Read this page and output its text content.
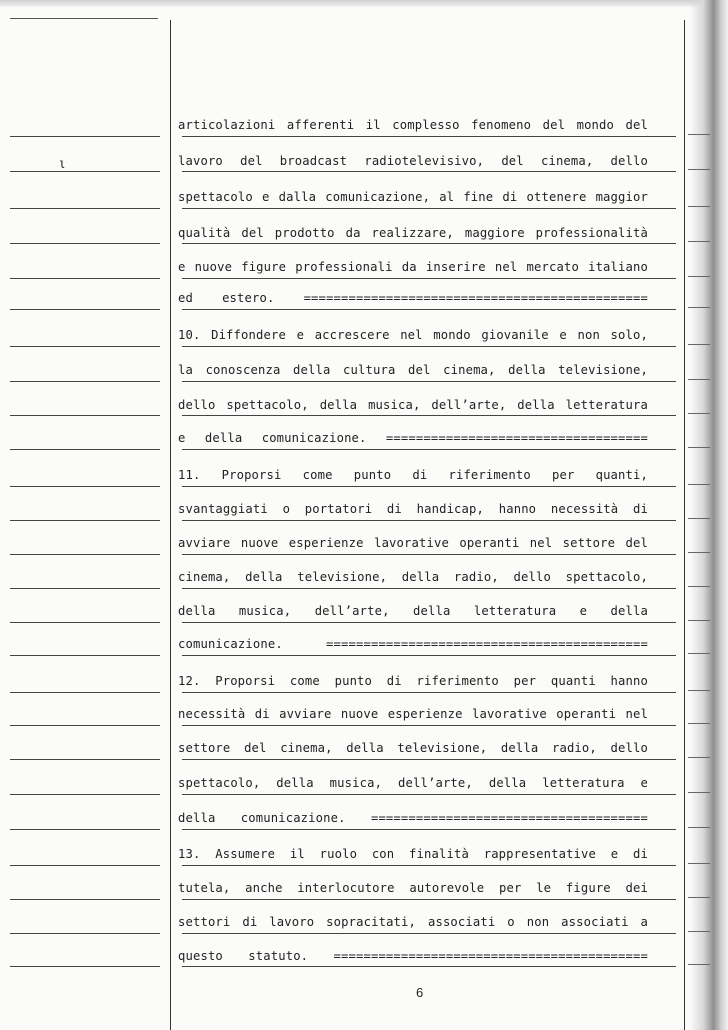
ι
articolazioni afferenti il complesso fenomeno del mondo del
lavoro del broadcast radiotelevisivo, del cinema, dello
spettacolo e dalla comunicazione, al fine di ottenere maggior
qualità del prodotto da realizzare, maggiore professionalità
e nuove figure professionali da inserire nel mercato italiano
ed estero. ==============================================
10. Diffondere e accrescere nel mondo giovanile e non solo,
la conoscenza della cultura del cinema, della televisione,
dello spettacolo, della musica, dell’arte, della letteratura
e della comunicazione. ===================================
11. Proporsi come punto di riferimento per quanti,
svantaggiati o portatori di handicap, hanno necessità di
avviare nuove esperienze lavorative operanti nel settore del
cinema, della televisione, della radio, dello spettacolo,
della musica, dell’arte, della letteratura e della
comunicazione. ===========================================
12. Proporsi come punto di riferimento per quanti hanno
necessità di avviare nuove esperienze lavorative operanti nel
settore del cinema, della televisione, della radio, dello
spettacolo, della musica, dell’arte, della letteratura e
della comunicazione. =====================================
13. Assumere il ruolo con finalità rappresentative e di
tutela, anche interlocutore autorevole per le figure dei
settori di lavoro sopracitati, associati o non associati a
questo statuto. ==========================================
6
